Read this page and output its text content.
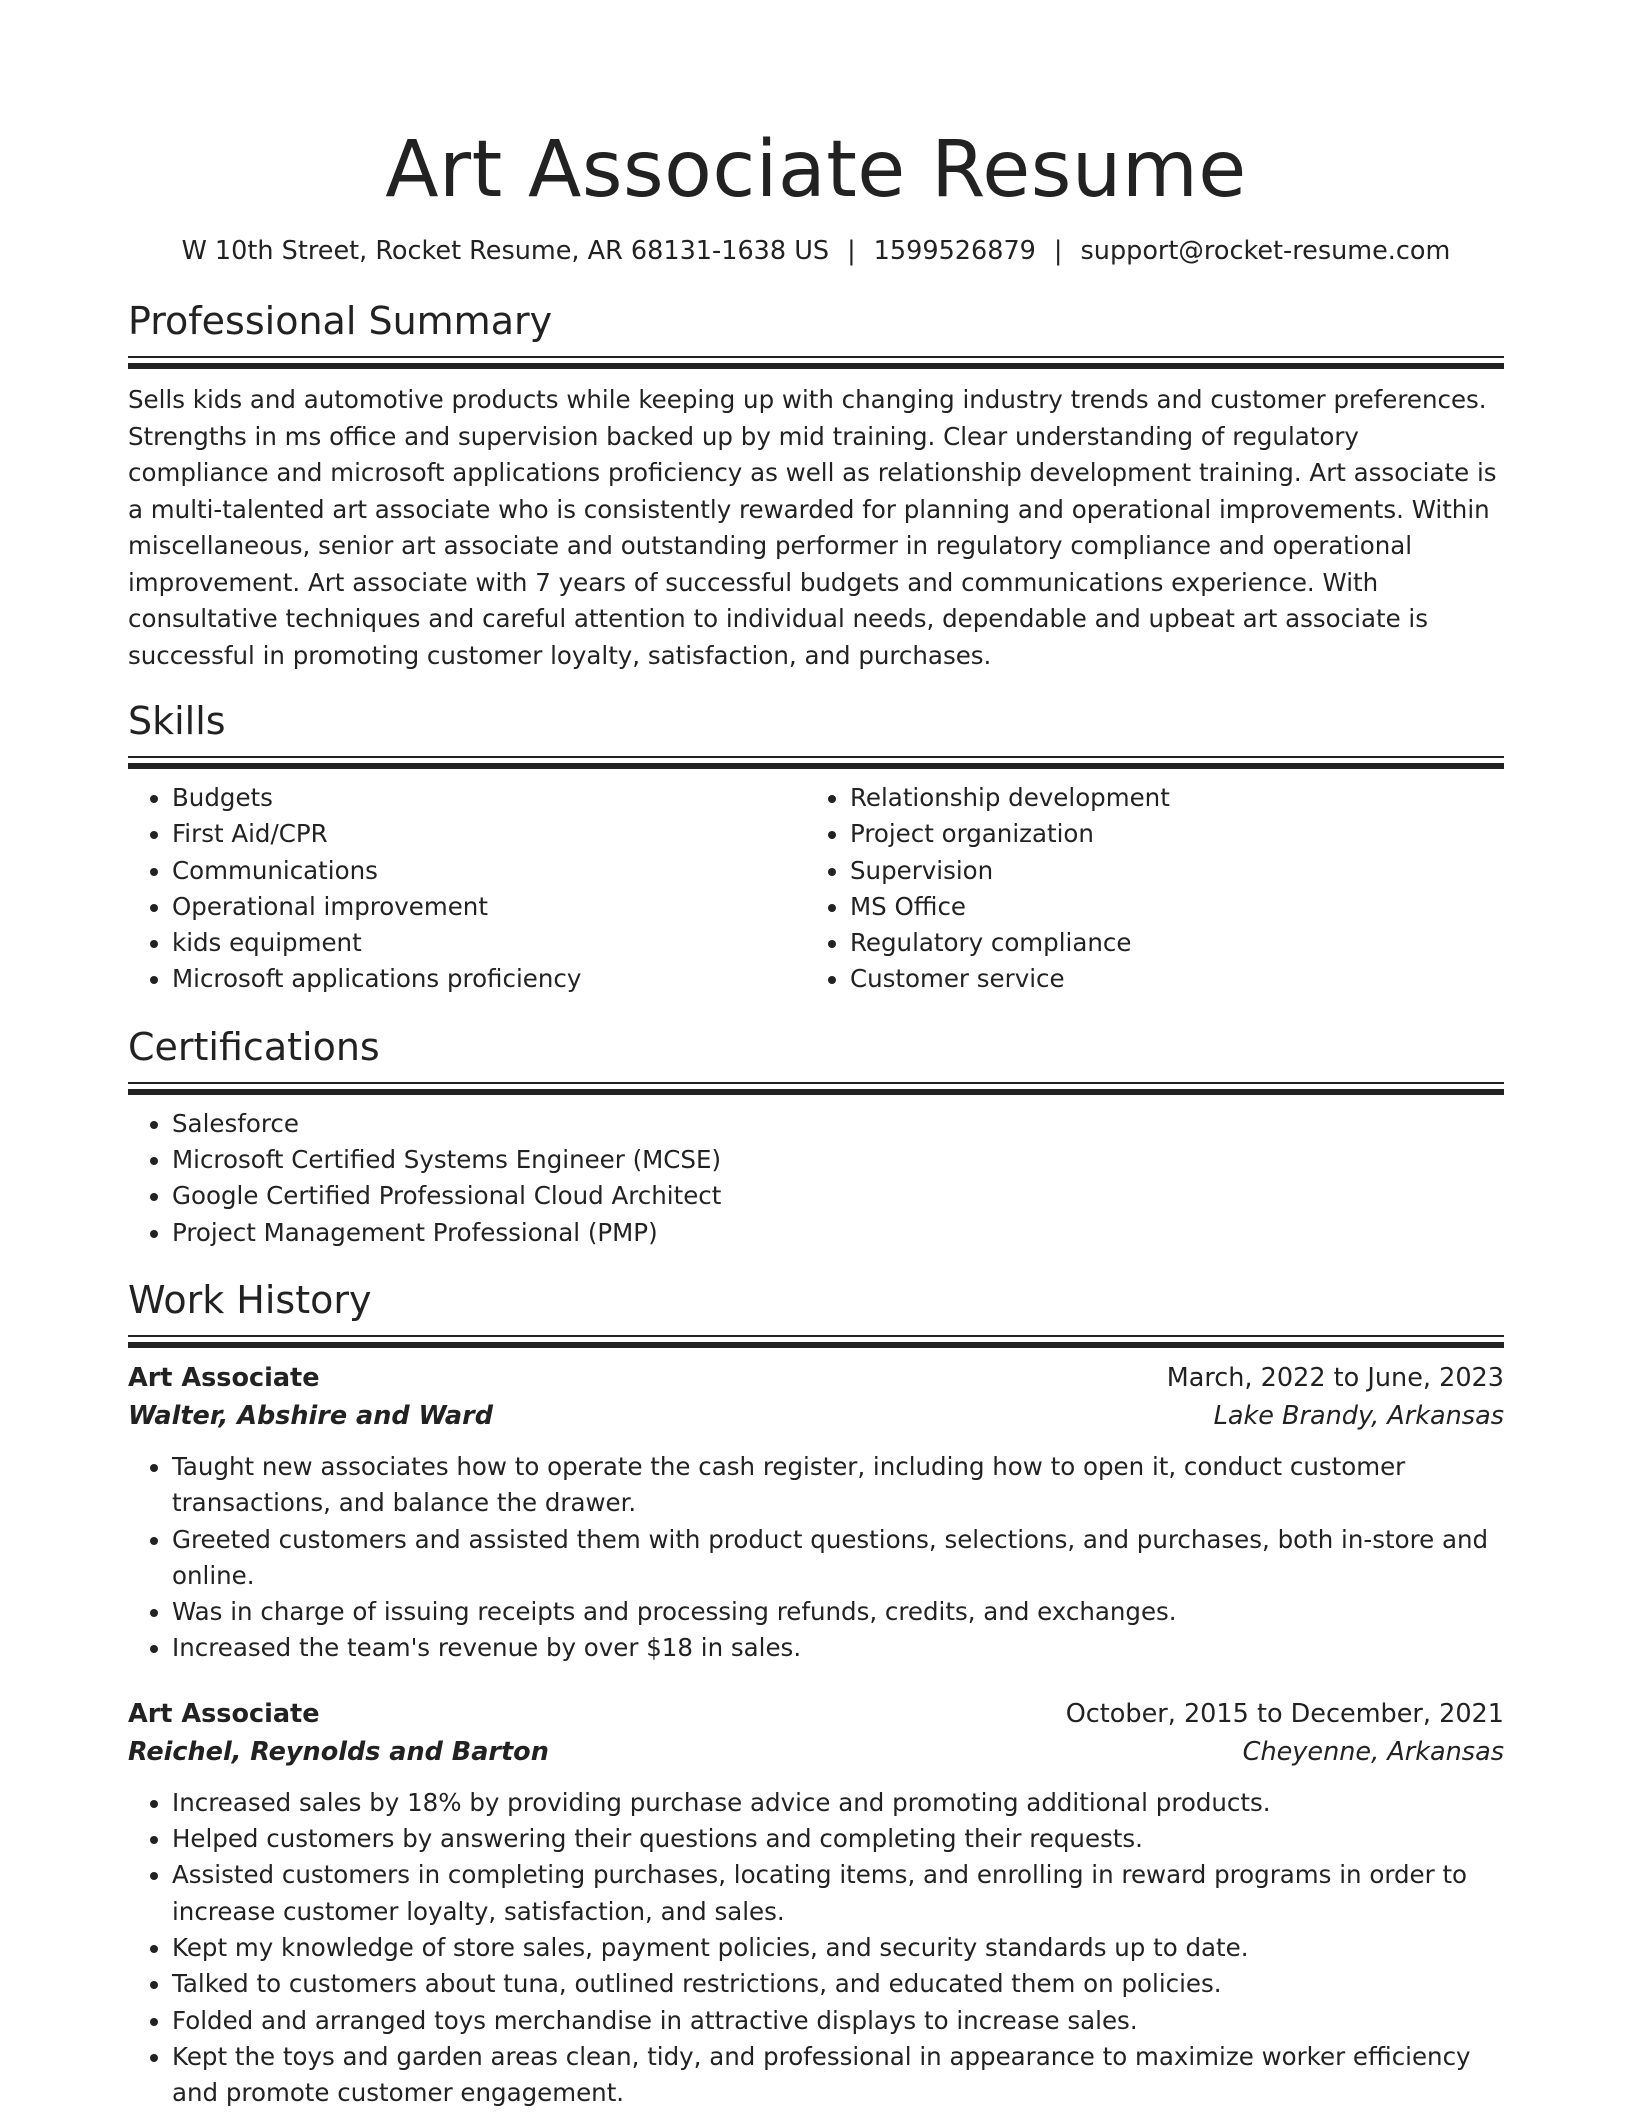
Art Associate Resume
W 10th Street, Rocket Resume, AR 68131-1638 US | 1599526879 | support@rocket-resume.com
Professional Summary

Sells kids and automotive products while keeping up with changing industry trends and customer preferences. Strengths in ms office and supervision backed up by mid training. Clear understanding of regulatory compliance and microsoft applications proficiency as well as relationship development training. Art associate is a multi-talented art associate who is consistently rewarded for planning and operational improvements. Within miscellaneous, senior art associate and outstanding performer in regulatory compliance and operational improvement. Art associate with 7 years of successful budgets and communications experience. With consultative techniques and careful attention to individual needs, dependable and upbeat art associate is successful in promoting customer loyalty, satisfaction, and purchases.

Skills
• Budgets
• First Aid/CPR
• Communications
• Operational improvement
• kids equipment
• Microsoft applications proficiency
• Relationship development
• Project organization
• Supervision
• MS Office
• Regulatory compliance
• Customer service
Certifications
• Salesforce
• Microsoft Certified Systems Engineer (MCSE)
• Google Certified Professional Cloud Architect
• Project Management Professional (PMP)
Work History
Art Associate	March, 2022 to June, 2023
Walter, Abshire and Ward	Lake Brandy, Arkansas
• Taught new associates how to operate the cash register, including how to open it, conduct customer transactions, and balance the drawer.
• Greeted customers and assisted them with product questions, selections, and purchases, both in-store and online.
• Was in charge of issuing receipts and processing refunds, credits, and exchanges.
• Increased the team's revenue by over $18 in sales.
Art Associate	October, 2015 to December, 2021
Reichel, Reynolds and Barton	Cheyenne, Arkansas
• Increased sales by 18% by providing purchase advice and promoting additional products.
• Helped customers by answering their questions and completing their requests.
• Assisted customers in completing purchases, locating items, and enrolling in reward programs in order to increase customer loyalty, satisfaction, and sales.
• Kept my knowledge of store sales, payment policies, and security standards up to date.
• Talked to customers about tuna, outlined restrictions, and educated them on policies.
• Folded and arranged toys merchandise in attractive displays to increase sales.
• Kept the toys and garden areas clean, tidy, and professional in appearance to maximize worker efficiency and promote customer engagement.
